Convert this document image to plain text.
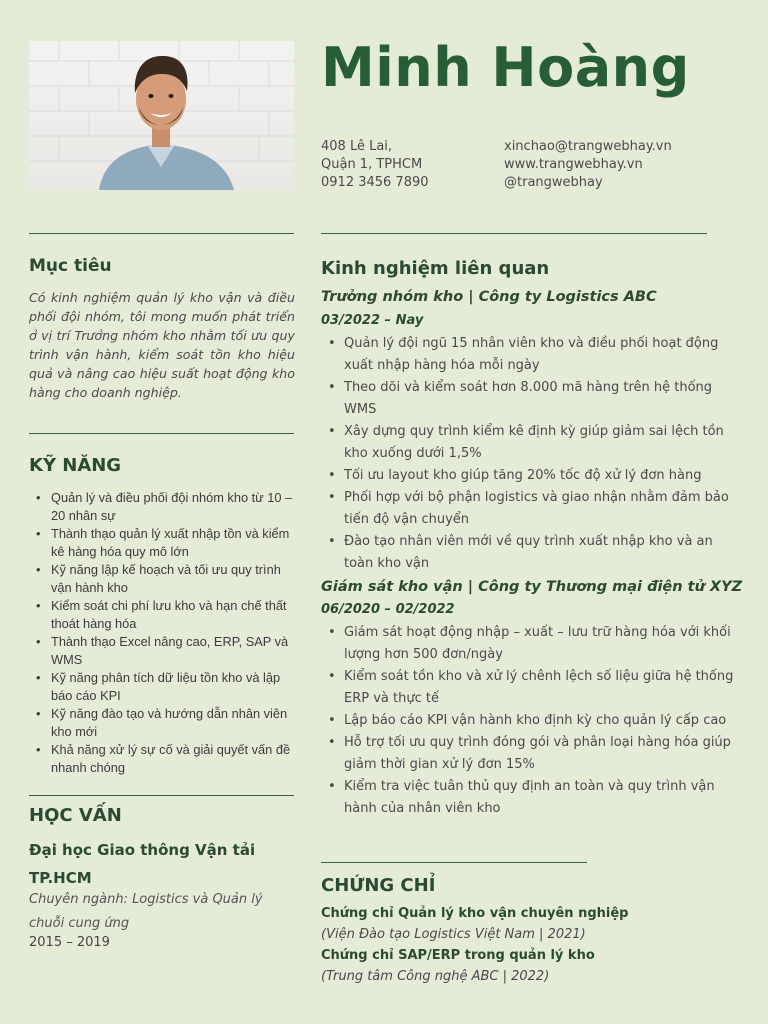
Minh Hoàng
408 Lê Lai,
Quận 1, TPHCM
0912 3456 7890
xinchao@trangwebhay.vn
www.trangwebhay.vn
@trangwebhay
Mục tiêu
Có kinh nghiệm quản lý kho vận và điều phối đội nhóm, tôi mong muốn phát triển ở vị trí Trưởng nhóm kho nhằm tối ưu quy trình vận hành, kiểm soát tồn kho hiệu quả và nâng cao hiệu suất hoạt động kho hàng cho doanh nghiệp.
KỸ NĂNG
• Quản lý và điều phối đội nhóm kho từ 10 – 20 nhân sự
• Thành thạo quản lý xuất nhập tồn và kiểm kê hàng hóa quy mô lớn
• Kỹ năng lập kế hoạch và tối ưu quy trình vận hành kho
• Kiểm soát chi phí lưu kho và hạn chế thất thoát hàng hóa
• Thành thạo Excel nâng cao, ERP, SAP và WMS
• Kỹ năng phân tích dữ liệu tồn kho và lập báo cáo KPI
• Kỹ năng đào tạo và hướng dẫn nhân viên kho mới
• Khả năng xử lý sự cố và giải quyết vấn đề nhanh chóng
HỌC VẤN
Đại học Giao thông Vận tải TP.HCM
Chuyên ngành: Logistics và Quản lý chuỗi cung ứng
2015 – 2019
Kinh nghiệm liên quan
Trưởng nhóm kho | Công ty Logistics ABC
03/2022 – Nay
• Quản lý đội ngũ 15 nhân viên kho và điều phối hoạt động xuất nhập hàng hóa mỗi ngày
• Theo dõi và kiểm soát hơn 8.000 mã hàng trên hệ thống WMS
• Xây dựng quy trình kiểm kê định kỳ giúp giảm sai lệch tồn kho xuống dưới 1,5%
• Tối ưu layout kho giúp tăng 20% tốc độ xử lý đơn hàng
• Phối hợp với bộ phận logistics và giao nhận nhằm đảm bảo tiến độ vận chuyển
• Đào tạo nhân viên mới về quy trình xuất nhập kho và an toàn kho vận
Giám sát kho vận | Công ty Thương mại điện tử XYZ
06/2020 – 02/2022
• Giám sát hoạt động nhập – xuất – lưu trữ hàng hóa với khối lượng hơn 500 đơn/ngày
• Kiểm soát tồn kho và xử lý chênh lệch số liệu giữa hệ thống ERP và thực tế
• Lập báo cáo KPI vận hành kho định kỳ cho quản lý cấp cao
• Hỗ trợ tối ưu quy trình đóng gói và phân loại hàng hóa giúp giảm thời gian xử lý đơn 15%
• Kiểm tra việc tuân thủ quy định an toàn và quy trình vận hành của nhân viên kho
CHỨNG CHỈ
Chứng chỉ Quản lý kho vận chuyên nghiệp
(Viện Đào tạo Logistics Việt Nam | 2021)
Chứng chỉ SAP/ERP trong quản lý kho
(Trung tâm Công nghệ ABC | 2022)
